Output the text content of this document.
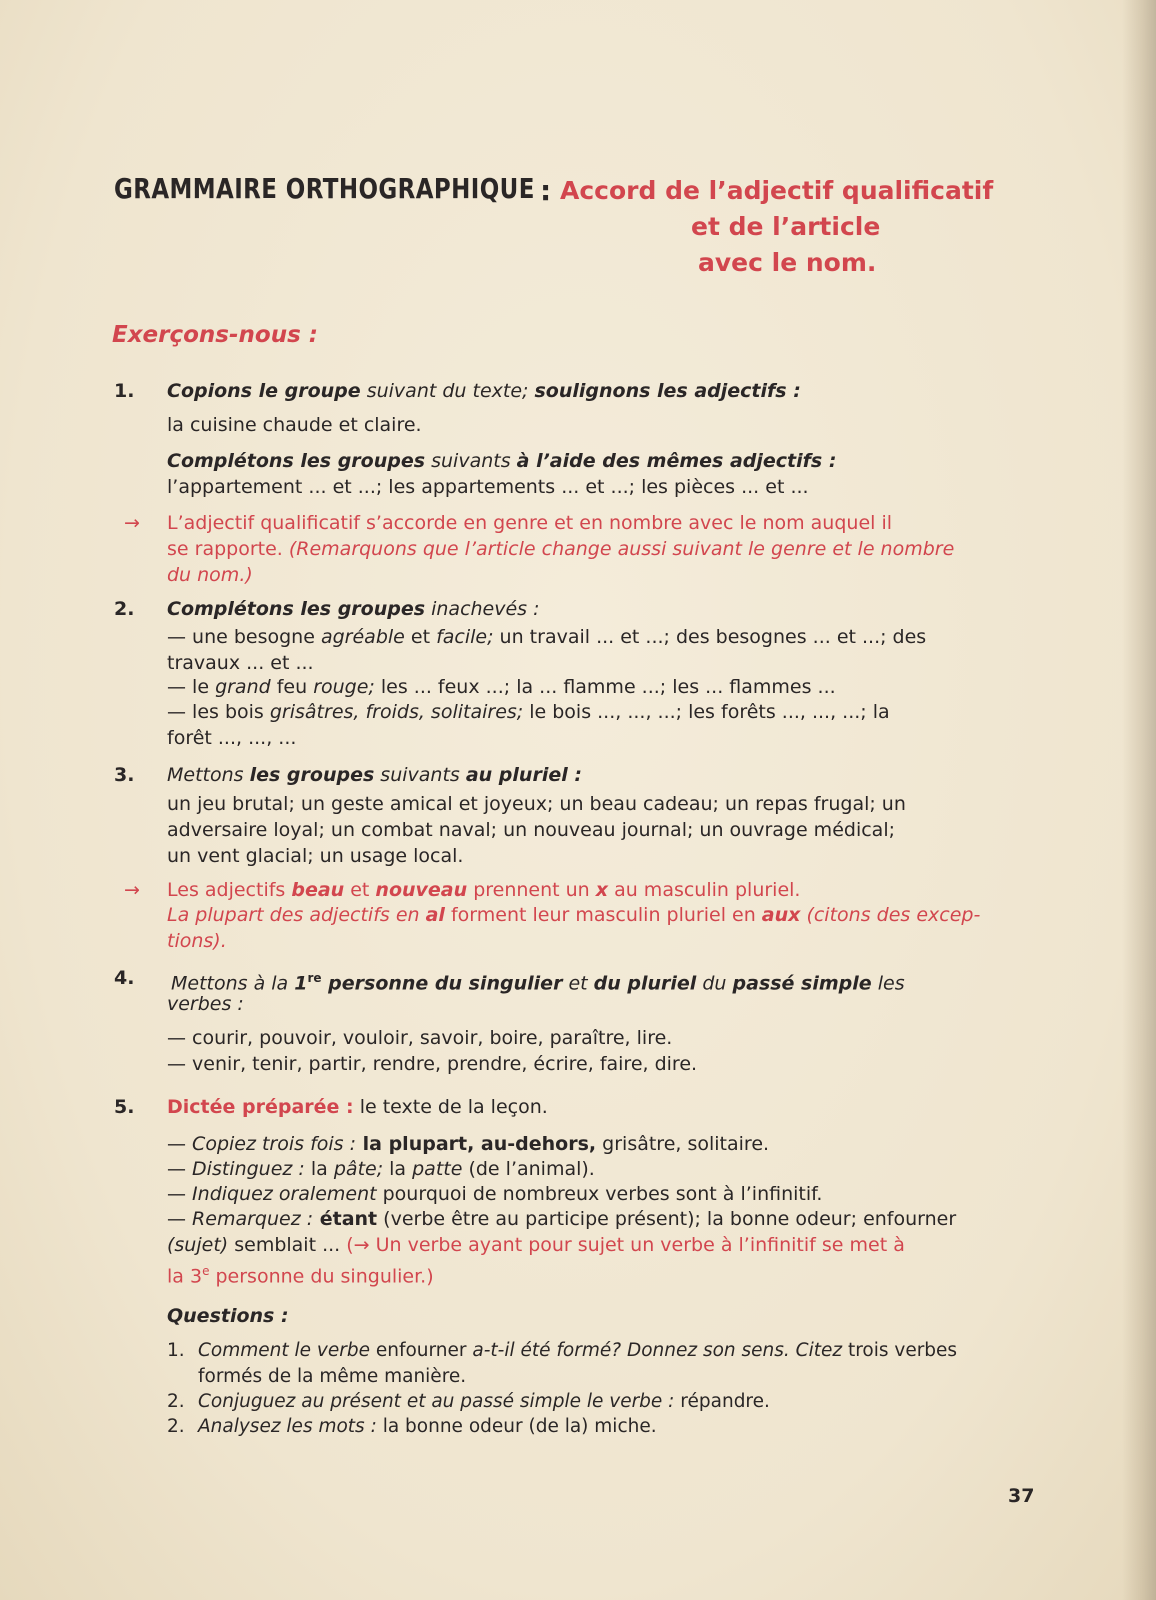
GRAMMAIRE ORTHOGRAPHIQUE : Accord de l’adjectif qualificatif
et de l’article
avec le nom.
Exerçons-nous :
1. Copions le groupe suivant du texte; soulignons les adjectifs :
la cuisine chaude et claire.
Complétons les groupes suivants à l’aide des mêmes adjectifs :
l’appartement ... et ...; les appartements ... et ...; les pièces ... et ...
→ L’adjectif qualificatif s’accorde en genre et en nombre avec le nom auquel il
se rapporte. (Remarquons que l’article change aussi suivant le genre et le nombre
du nom.)
2. Complétons les groupes inachevés :
— une besogne agréable et facile; un travail ... et ...; des besognes ... et ...; des
travaux ... et ...
— le grand feu rouge; les ... feux ...; la ... flamme ...; les ... flammes ...
— les bois grisâtres, froids, solitaires; le bois ..., ..., ...; les forêts ..., ..., ...; la
forêt ..., ..., ...
3. Mettons les groupes suivants au pluriel :
un jeu brutal; un geste amical et joyeux; un beau cadeau; un repas frugal; un
adversaire loyal; un combat naval; un nouveau journal; un ouvrage médical;
un vent glacial; un usage local.
→ Les adjectifs beau et nouveau prennent un x au masculin pluriel.
La plupart des adjectifs en al forment leur masculin pluriel en aux (citons des excep-
tions).
4. Mettons à la 1re personne du singulier et du pluriel du passé simple les
verbes :
— courir, pouvoir, vouloir, savoir, boire, paraître, lire.
— venir, tenir, partir, rendre, prendre, écrire, faire, dire.
5. Dictée préparée : le texte de la leçon.
— Copiez trois fois : la plupart, au-dehors, grisâtre, solitaire.
— Distinguez : la pâte; la patte (de l’animal).
— Indiquez oralement pourquoi de nombreux verbes sont à l’infinitif.
— Remarquez : étant (verbe être au participe présent); la bonne odeur; enfourner
(sujet) semblait ... (→ Un verbe ayant pour sujet un verbe à l’infinitif se met à
la 3e personne du singulier.)
Questions :
1. Comment le verbe enfourner a-t-il été formé? Donnez son sens. Citez trois verbes
formés de la même manière.
2. Conjuguez au présent et au passé simple le verbe : répandre.
2. Analysez les mots : la bonne odeur (de la) miche.
37
